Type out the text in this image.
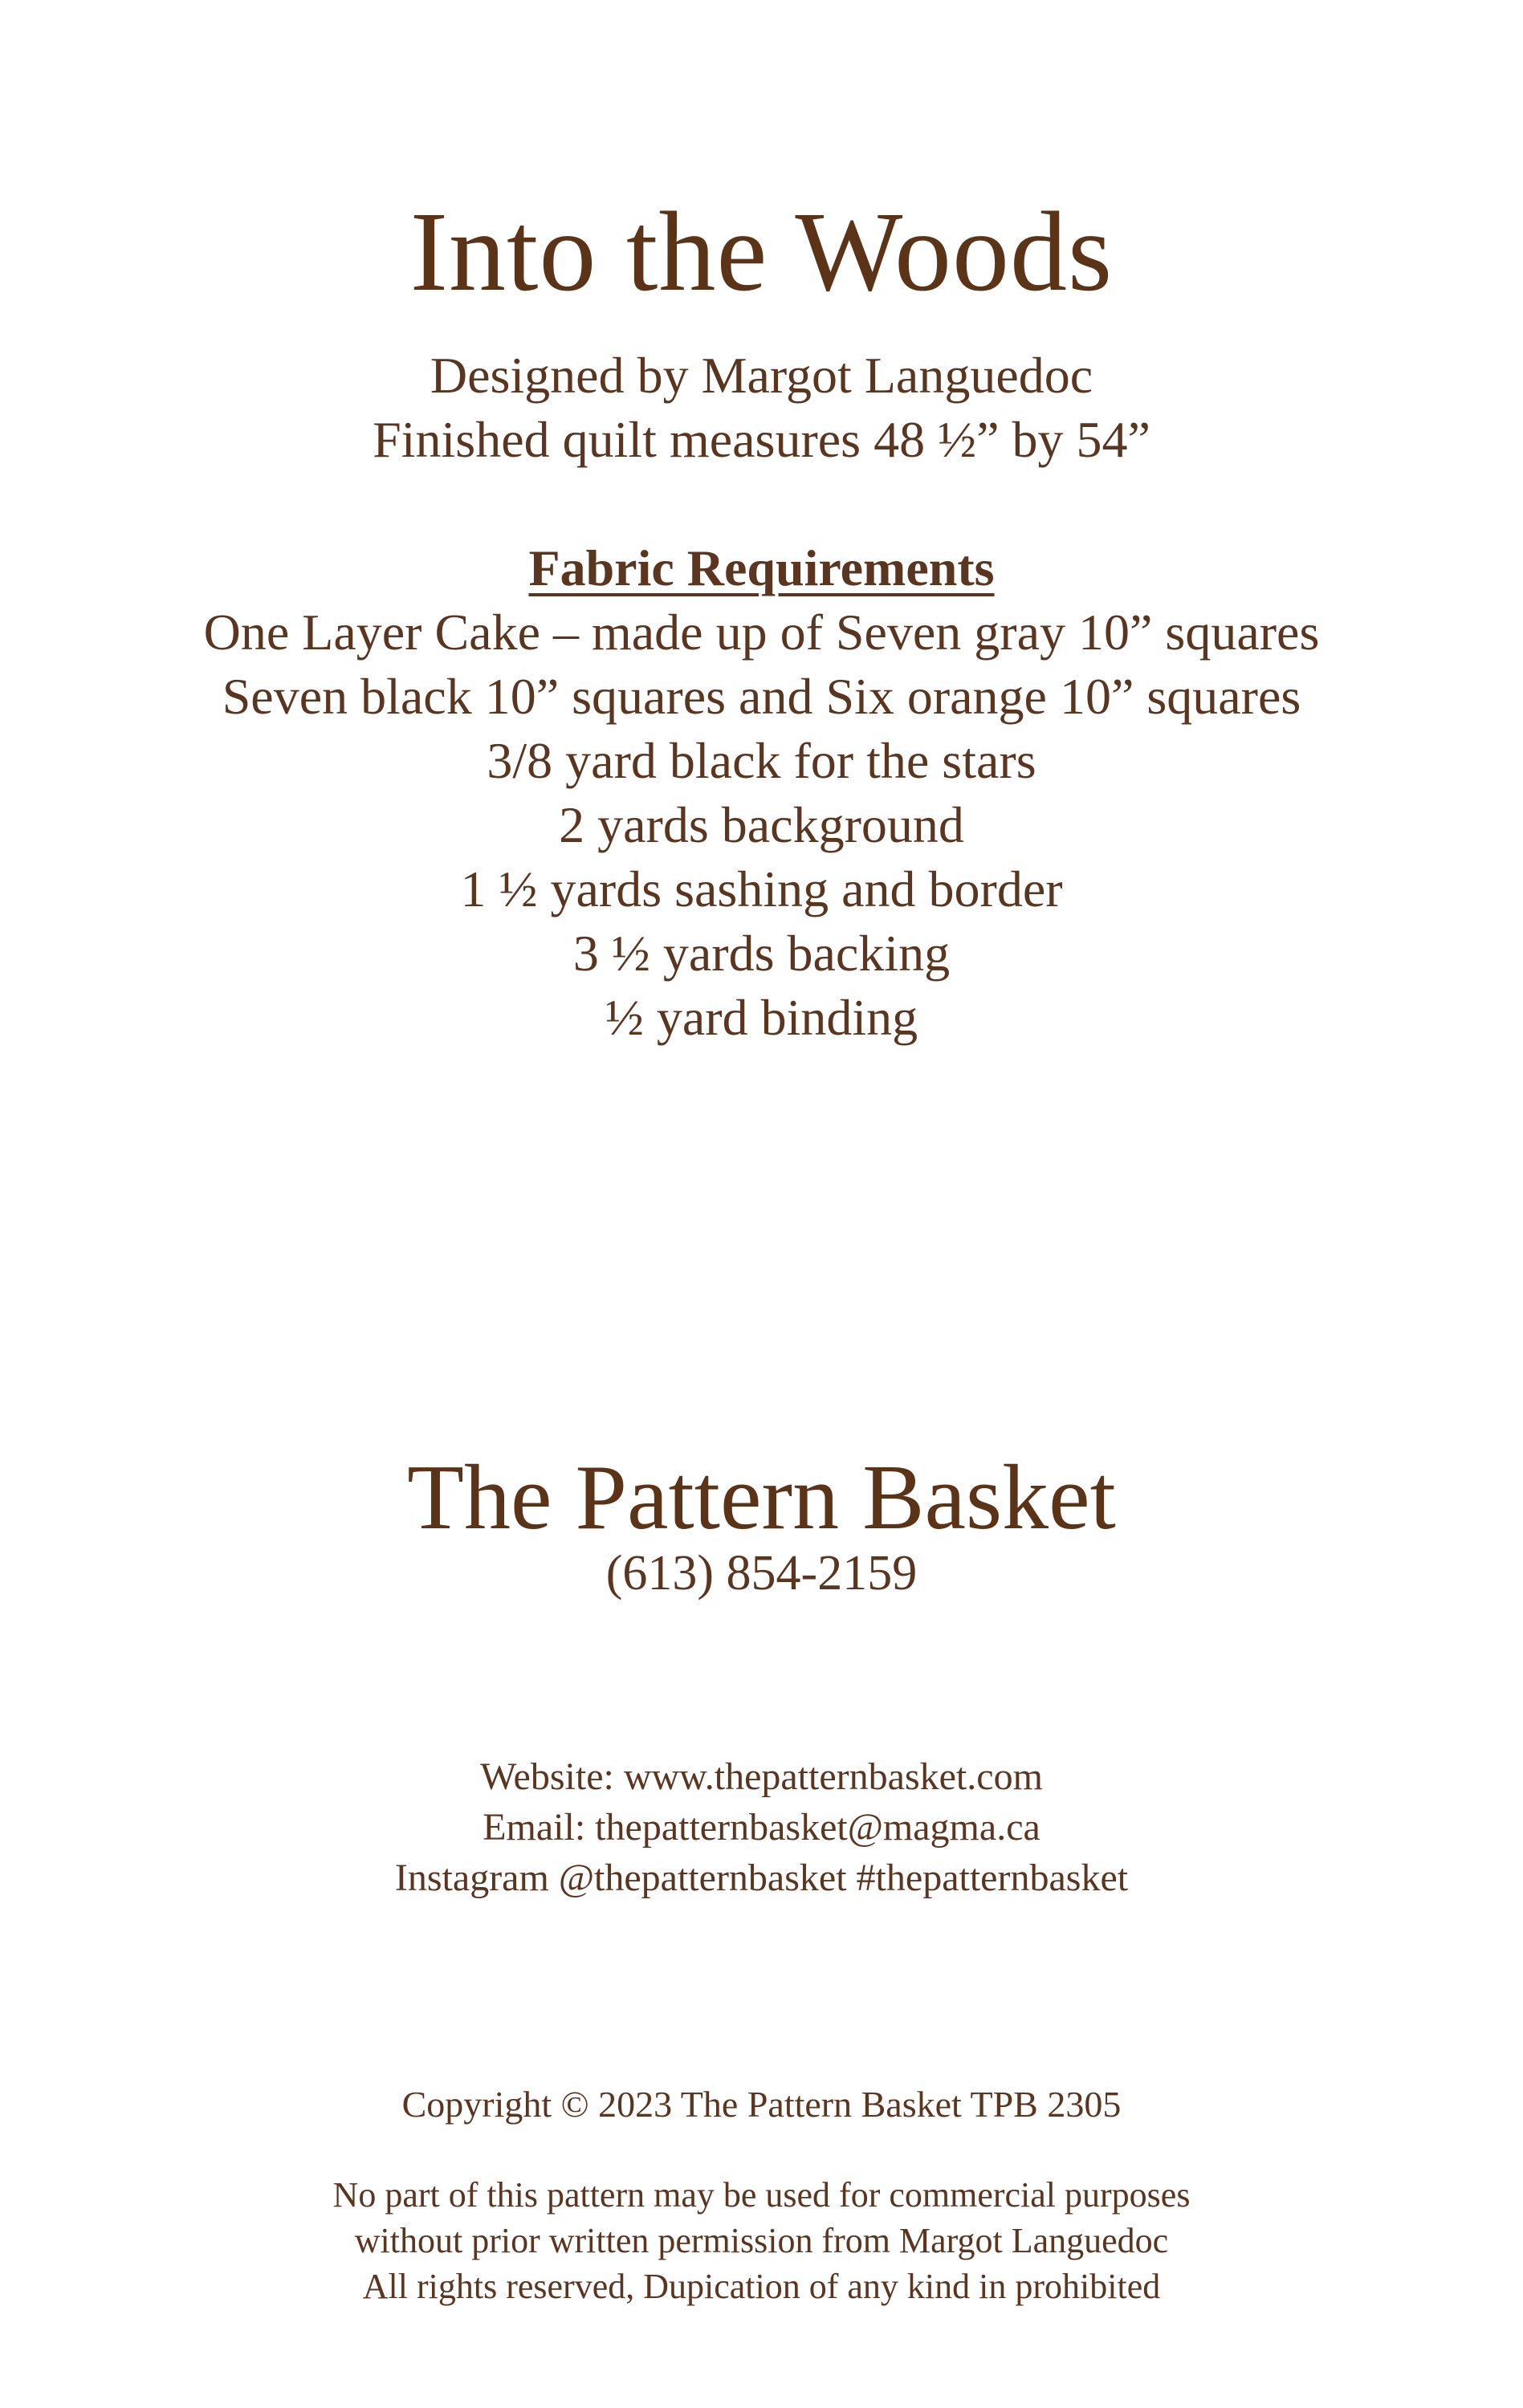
Into the Woods
Designed by Margot Languedoc
Finished quilt measures 48 ½” by 54”
Fabric Requirements
One Layer Cake – made up of Seven gray 10” squares
Seven black 10” squares and Six orange 10” squares
3/8 yard black for the stars
2 yards background
1 ½ yards sashing and border
3 ½ yards backing
½ yard binding
The Pattern Basket
(613) 854-2159
Website: www.thepatternbasket.com
Email: thepatternbasket@magma.ca
Instagram @thepatternbasket #thepatternbasket
Copyright © 2023 The Pattern Basket TPB 2305
No part of this pattern may be used for commercial purposes
without prior written permission from Margot Languedoc
All rights reserved, Dupication of any kind in prohibited
